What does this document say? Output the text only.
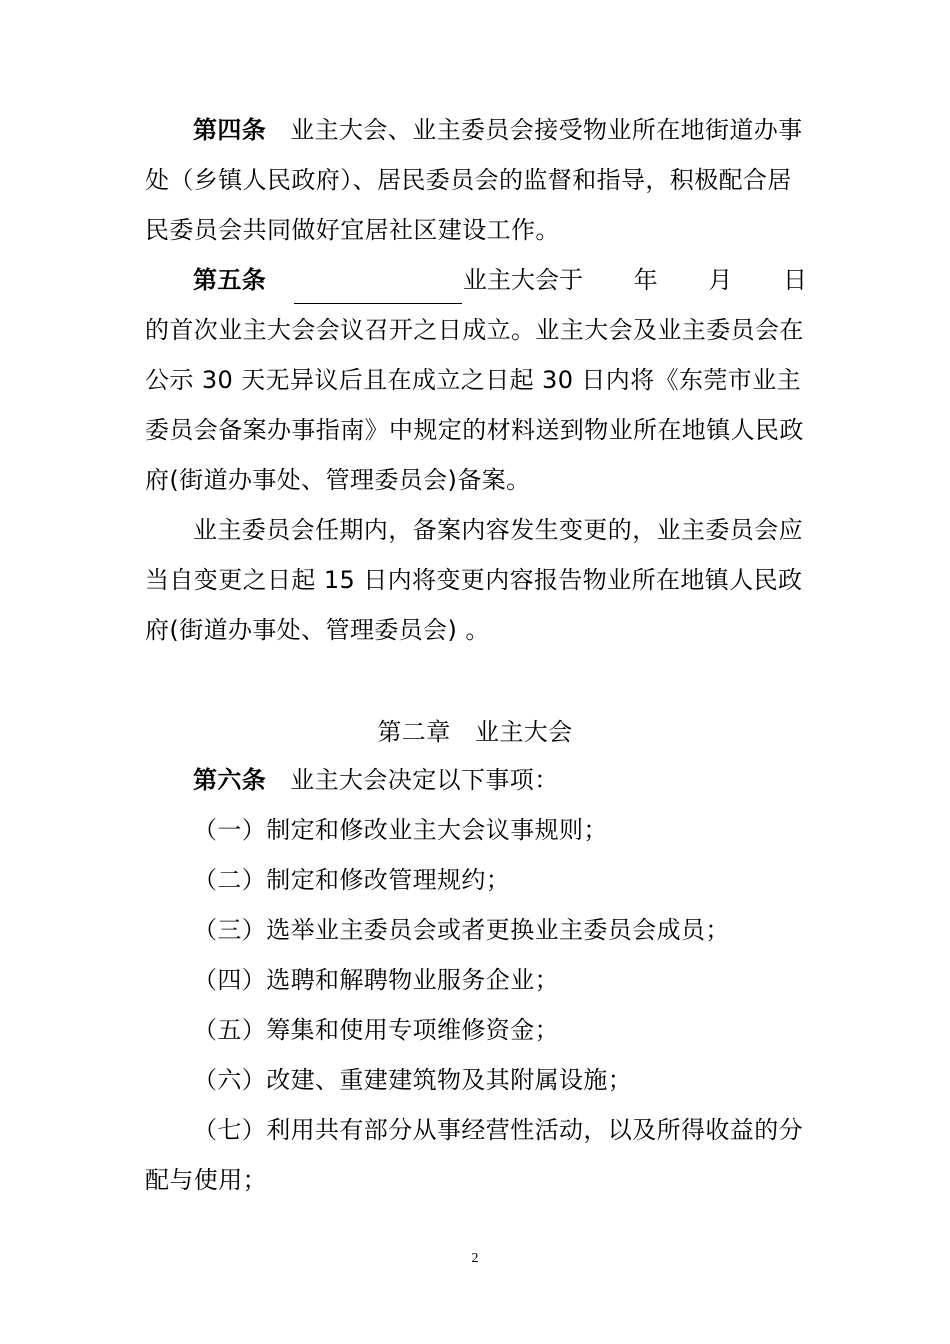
第四条 业主大会、业主委员会接受物业所在地街道办事
处（乡镇人民政府）、居民委员会的监督和指导，积极配合居
民委员会共同做好宜居社区建设工作。
第五条	业主大会于 年 月 日
的首次业主大会会议召开之日成立。业主大会及业主委员会在
公示 30 天无异议后且在成立之日起 30 日内将《东莞市业主
委员会备案办事指南》中规定的材料送到物业所在地镇人民政
府(街道办事处、管理委员会)备案。
业主委员会任期内，备案内容发生变更的，业主委员会应
当自变更之日起 15 日内将变更内容报告物业所在地镇人民政
府(街道办事处、管理委员会) 。
第二章　业主大会
第六条 业主大会决定以下事项：
（一）制定和修改业主大会议事规则；
（二）制定和修改管理规约；
（三）选举业主委员会或者更换业主委员会成员；
（四）选聘和解聘物业服务企业；
（五）筹集和使用专项维修资金；
（六）改建、重建建筑物及其附属设施；
（七）利用共有部分从事经营性活动，以及所得收益的分
配与使用；
2
